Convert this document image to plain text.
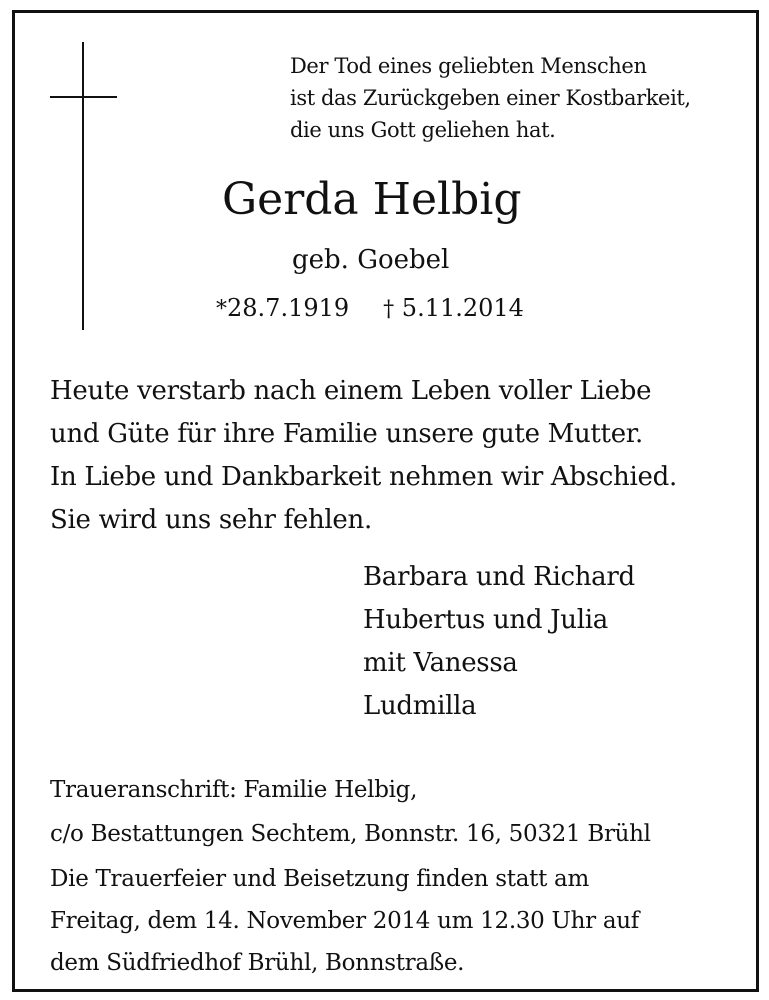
Der Tod eines geliebten Menschen
ist das Zurückgeben einer Kostbarkeit,
die uns Gott geliehen hat.
Gerda Helbig
geb. Goebel
*28.7.1919 † 5.11.2014
Heute verstarb nach einem Leben voller Liebe
und Güte für ihre Familie unsere gute Mutter.
In Liebe und Dankbarkeit nehmen wir Abschied.
Sie wird uns sehr fehlen.
Barbara und Richard
Hubertus und Julia
mit Vanessa
Ludmilla
Traueranschrift: Familie Helbig,
c/o Bestattungen Sechtem, Bonnstr. 16, 50321 Brühl
Die Trauerfeier und Beisetzung finden statt am
Freitag, dem 14. November 2014 um 12.30 Uhr auf
dem Südfriedhof Brühl, Bonnstraße.
